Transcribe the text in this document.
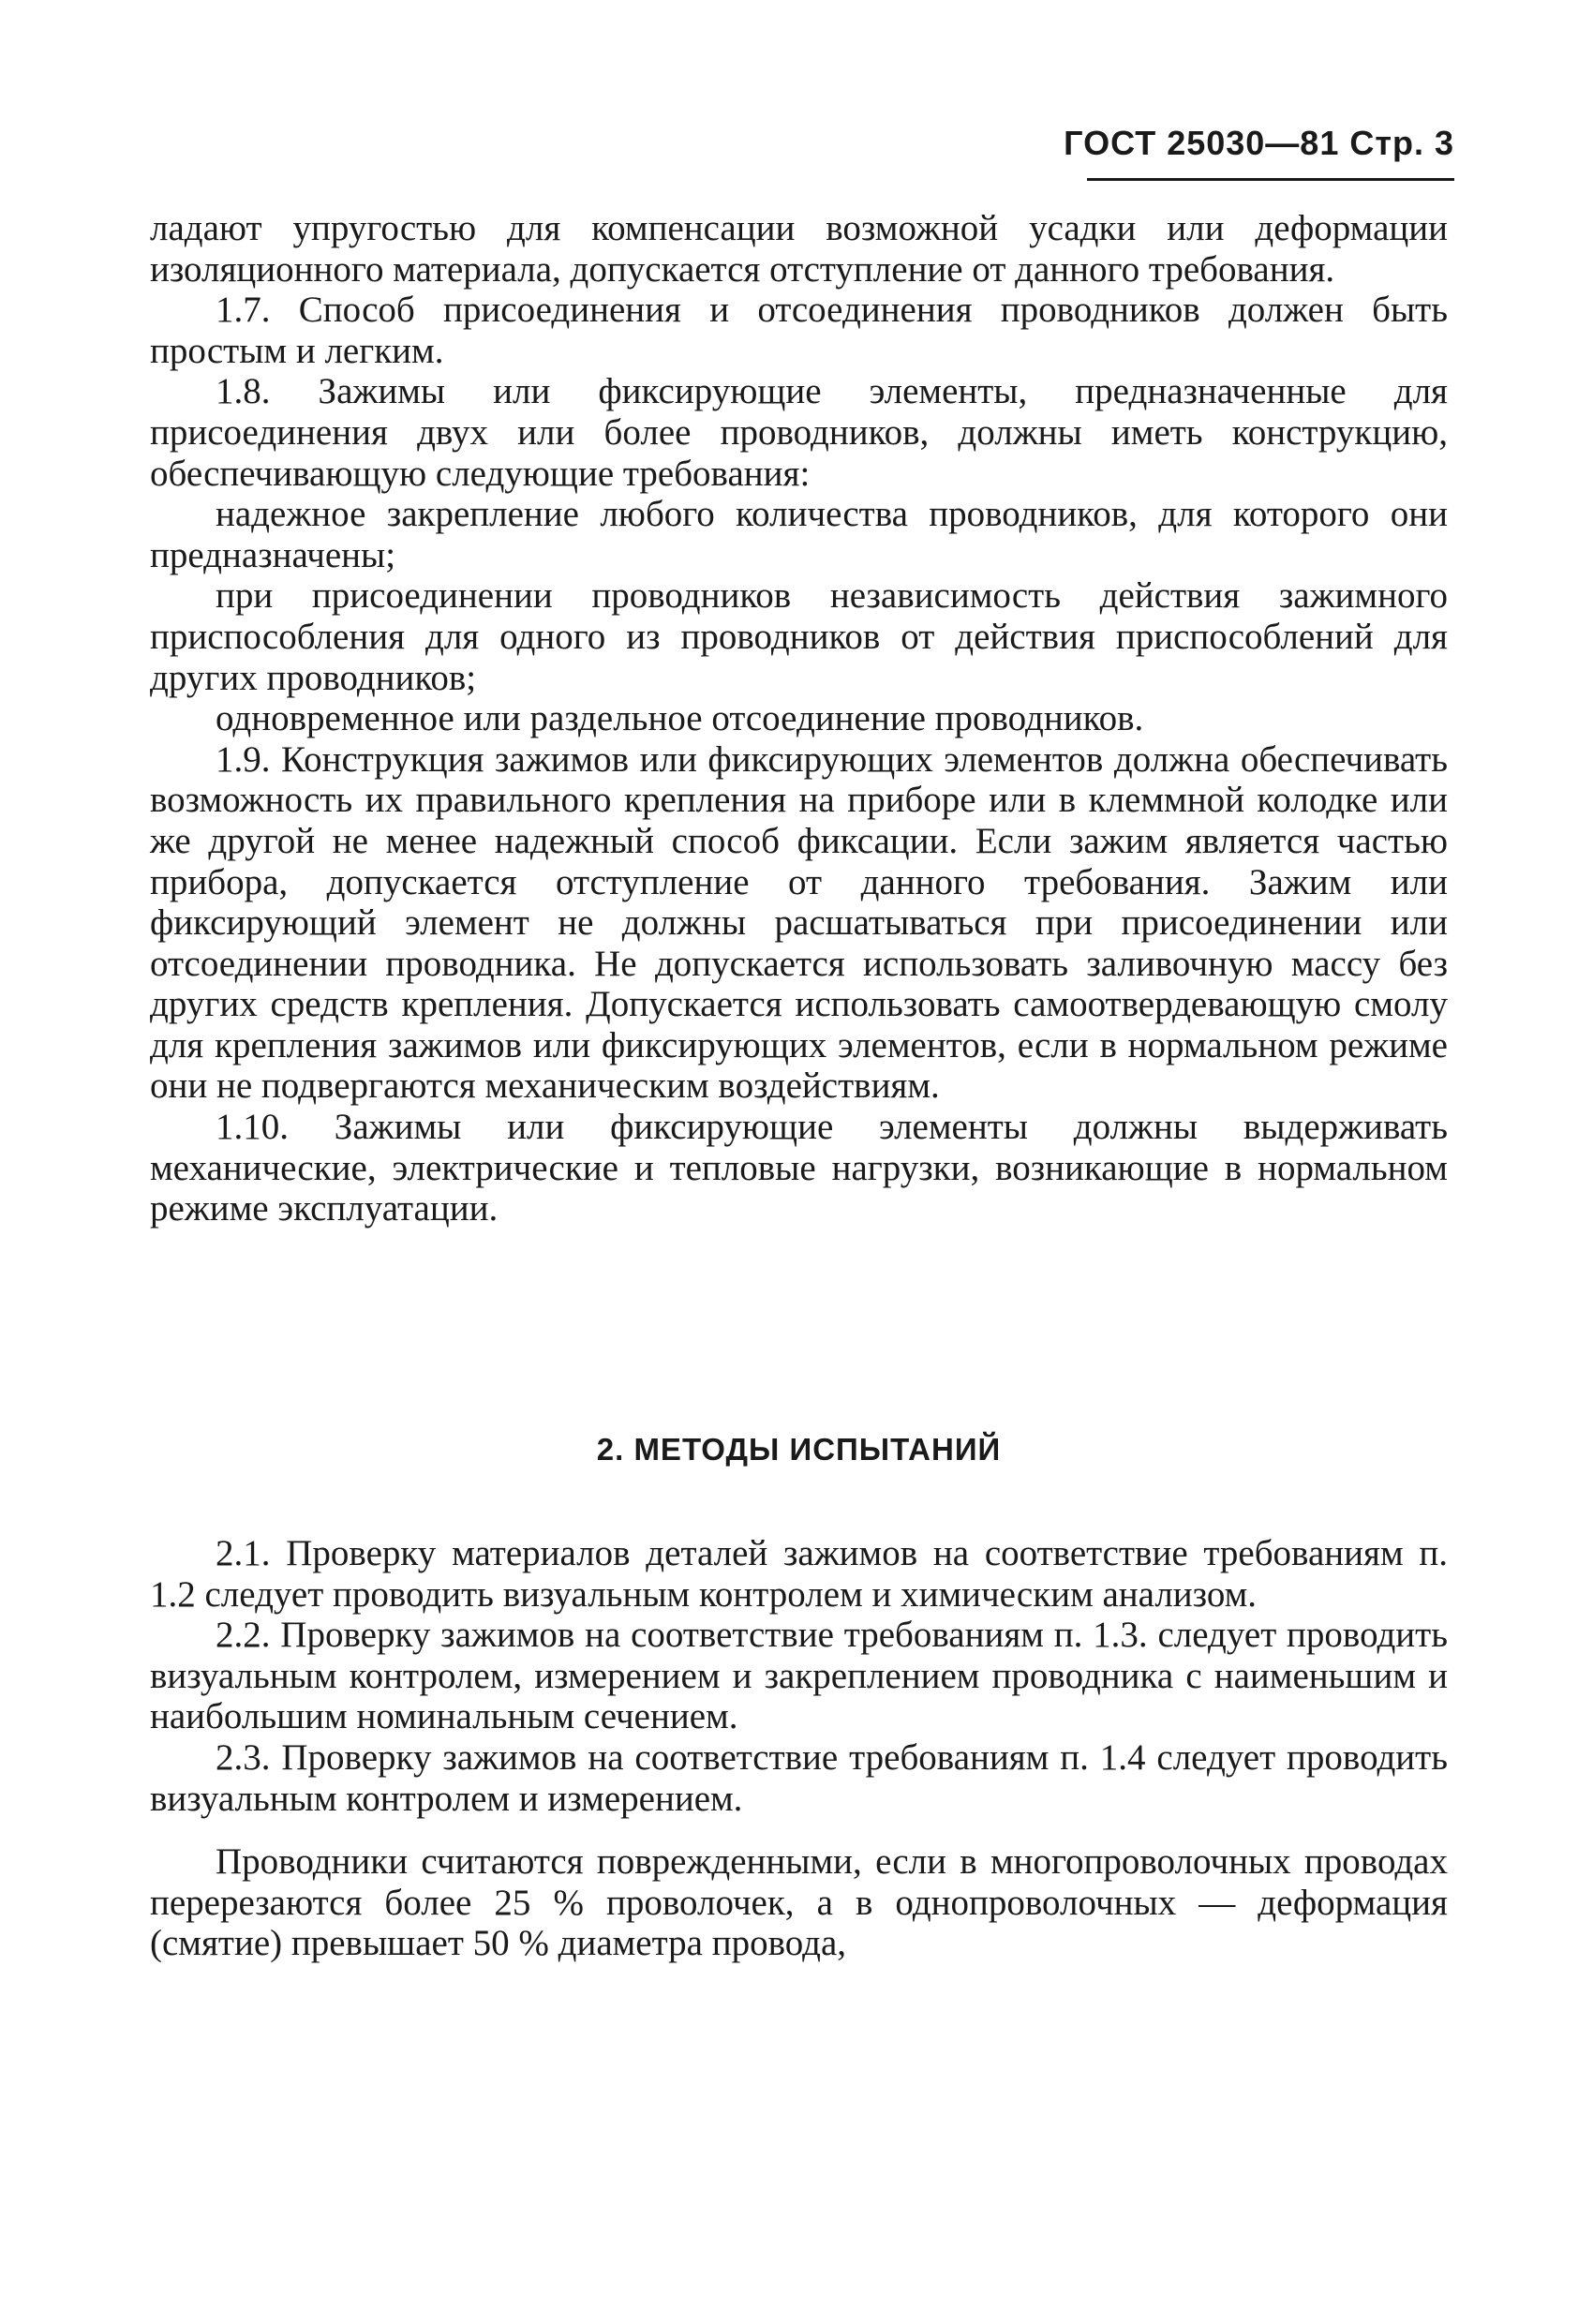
ГОСТ 25030—81 Стр. 3

ладают упругостью для компенсации возможной усадки или деформации изоляционного материала, допускается отступление от данного требования.

1.7. Способ присоединения и отсоединения проводников должен быть простым и легким.

1.8. Зажимы или фиксирующие элементы, предназначенные для присоединения двух или более проводников, должны иметь конструкцию, обеспечивающую следующие требования:

надежное закрепление любого количества проводников, для которого они предназначены;

при присоединении проводников независимость действия зажимного приспособления для одного из проводников от действия приспособлений для других проводников;

одновременное или раздельное отсоединение проводников.

1.9. Конструкция зажимов или фиксирующих элементов должна обеспечивать возможность их правильного крепления на приборе или в клеммной колодке или же другой не менее надежный способ фиксации. Если зажим является частью прибора, допускается отступление от данного требования. Зажим или фиксирующий элемент не должны расшатываться при присоединении или отсоединении проводника. Не допускается использовать заливочную массу без других средств крепления. Допускается использовать самоотвердевающую смолу для крепления зажимов или фиксирующих элементов, если в нормальном режиме они не подвергаются механическим воздействиям.

1.10. Зажимы или фиксирующие элементы должны выдерживать механические, электрические и тепловые нагрузки, возникающие в нормальном режиме эксплуатации.

2. МЕТОДЫ ИСПЫТАНИЙ

2.1. Проверку материалов деталей зажимов на соответствие требованиям п. 1.2 следует проводить визуальным контролем и химическим анализом.

2.2. Проверку зажимов на соответствие требованиям п. 1.3. следует проводить визуальным контролем, измерением и закреплением проводника с наименьшим и наибольшим номинальным сечением.

2.3. Проверку зажимов на соответствие требованиям п. 1.4 следует проводить визуальным контролем и измерением.

Проводники считаются поврежденными, если в многопроволочных проводах перерезаются более 25 % проволочек, а в однопроволочных — деформация (смятие) превышает 50 % диаметра провода,
